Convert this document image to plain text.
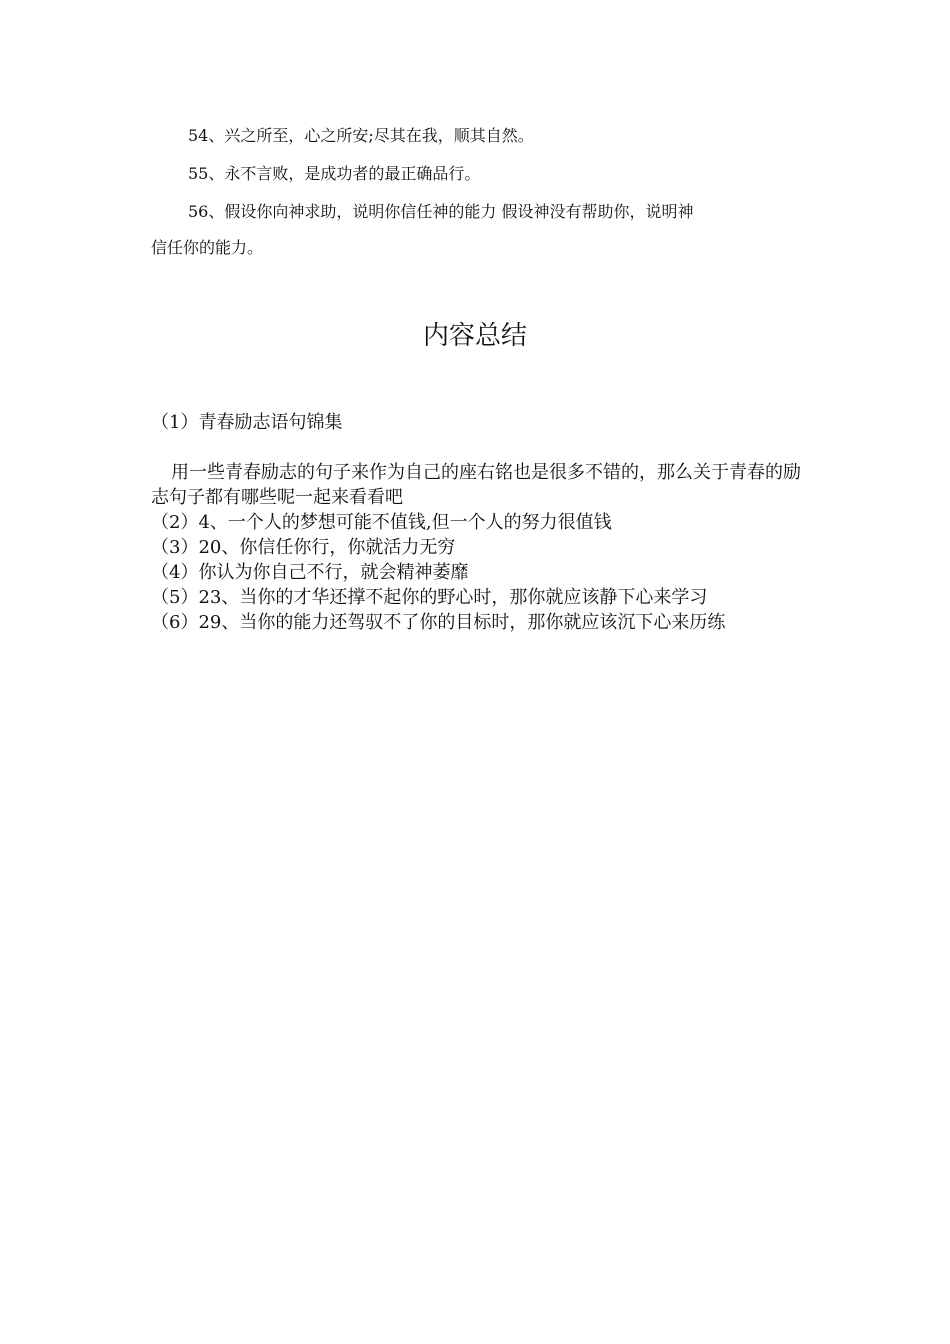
54、兴之所至，心之所安;尽其在我，顺其自然。

55、永不言败，是成功者的最正确品行。

56、假设你向神求助，说明你信任神的能力 假设神没有帮助你，说明神
信任你的能力。

内容总结

（1）青春励志语句锦集

用一些青春励志的句子来作为自己的座右铭也是很多不错的，那么关于青春的励志句子都有哪些呢一起来看看吧

（2）4、一个人的梦想可能不值钱,但一个人的努力很值钱
（3）20、你信任你行，你就活力无穷
（4）你认为你自己不行，就会精神萎靡
（5）23、当你的才华还撑不起你的野心时，那你就应该静下心来学习
（6）29、当你的能力还驾驭不了你的目标时，那你就应该沉下心来历练
